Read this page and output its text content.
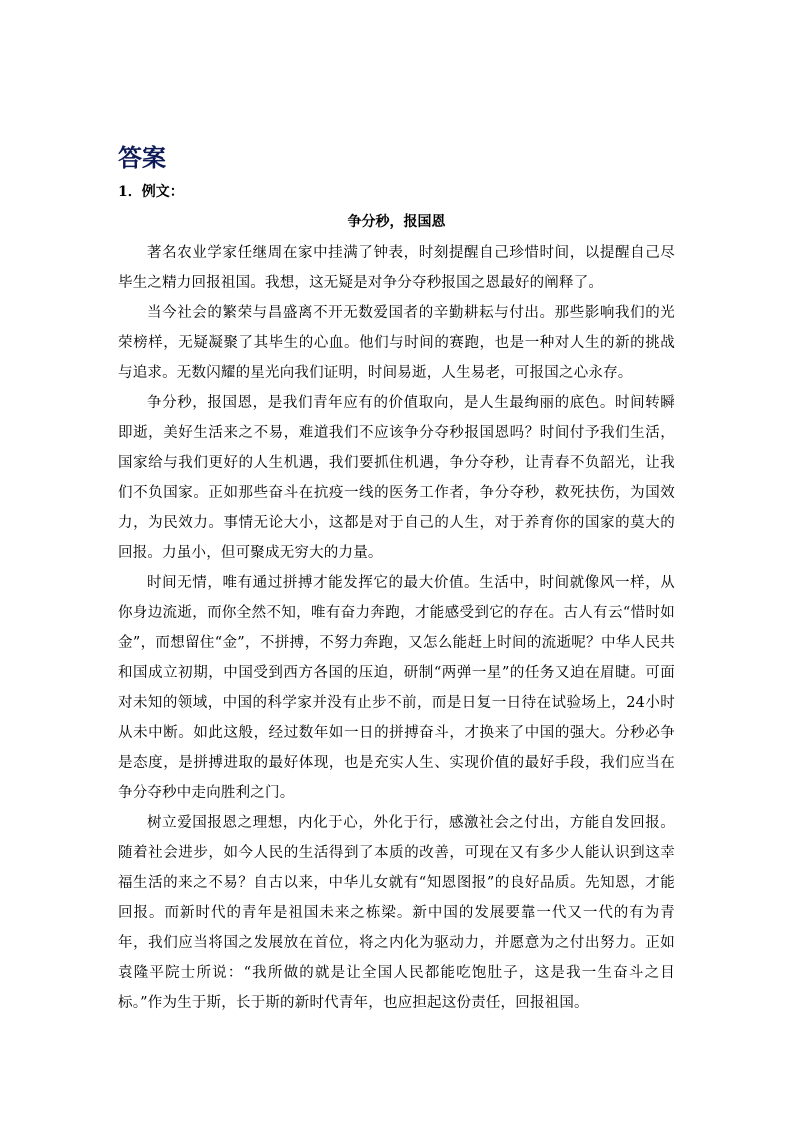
答案
1．例文：
争分秒，报国恩

著名农业学家任继周在家中挂满了钟表，时刻提醒自己珍惜时间，以提醒自己尽毕生之精力回报祖国。我想，这无疑是对争分夺秒报国之恩最好的阐释了。

当今社会的繁荣与昌盛离不开无数爱国者的辛勤耕耘与付出。那些影响我们的光荣榜样，无疑凝聚了其毕生的心血。他们与时间的赛跑，也是一种对人生的新的挑战与追求。无数闪耀的星光向我们证明，时间易逝，人生易老，可报国之心永存。

争分秒，报国恩，是我们青年应有的价值取向，是人生最绚丽的底色。时间转瞬即逝，美好生活来之不易，难道我们不应该争分夺秒报国恩吗？时间付予我们生活，国家给与我们更好的人生机遇，我们要抓住机遇，争分夺秒，让青春不负韶光，让我们不负国家。正如那些奋斗在抗疫一线的医务工作者，争分夺秒，救死扶伤，为国效力，为民效力。事情无论大小，这都是对于自己的人生，对于养育你的国家的莫大的回报。力虽小，但可聚成无穷大的力量。

时间无情，唯有通过拼搏才能发挥它的最大价值。生活中，时间就像风一样，从你身边流逝，而你全然不知，唯有奋力奔跑，才能感受到它的存在。古人有云“惜时如金”，而想留住“金”，不拼搏，不努力奔跑，又怎么能赶上时间的流逝呢？中华人民共和国成立初期，中国受到西方各国的压迫，研制“两弹一星”的任务又迫在眉睫。可面对未知的领域，中国的科学家并没有止步不前，而是日复一日待在试验场上，24小时从未中断。如此这般，经过数年如一日的拼搏奋斗，才换来了中国的强大。分秒必争是态度，是拼搏进取的最好体现，也是充实人生、实现价值的最好手段，我们应当在争分夺秒中走向胜利之门。

树立爱国报恩之理想，内化于心，外化于行，感激社会之付出，方能自发回报。随着社会进步，如今人民的生活得到了本质的改善，可现在又有多少人能认识到这幸福生活的来之不易？自古以来，中华儿女就有“知恩图报”的良好品质。先知恩，才能回报。而新时代的青年是祖国未来之栋梁。新中国的发展要靠一代又一代的有为青年，我们应当将国之发展放在首位，将之内化为驱动力，并愿意为之付出努力。正如袁隆平院士所说：“我所做的就是让全国人民都能吃饱肚子，这是我一生奋斗之目标。”作为生于斯，长于斯的新时代青年，也应担起这份责任，回报祖国。
